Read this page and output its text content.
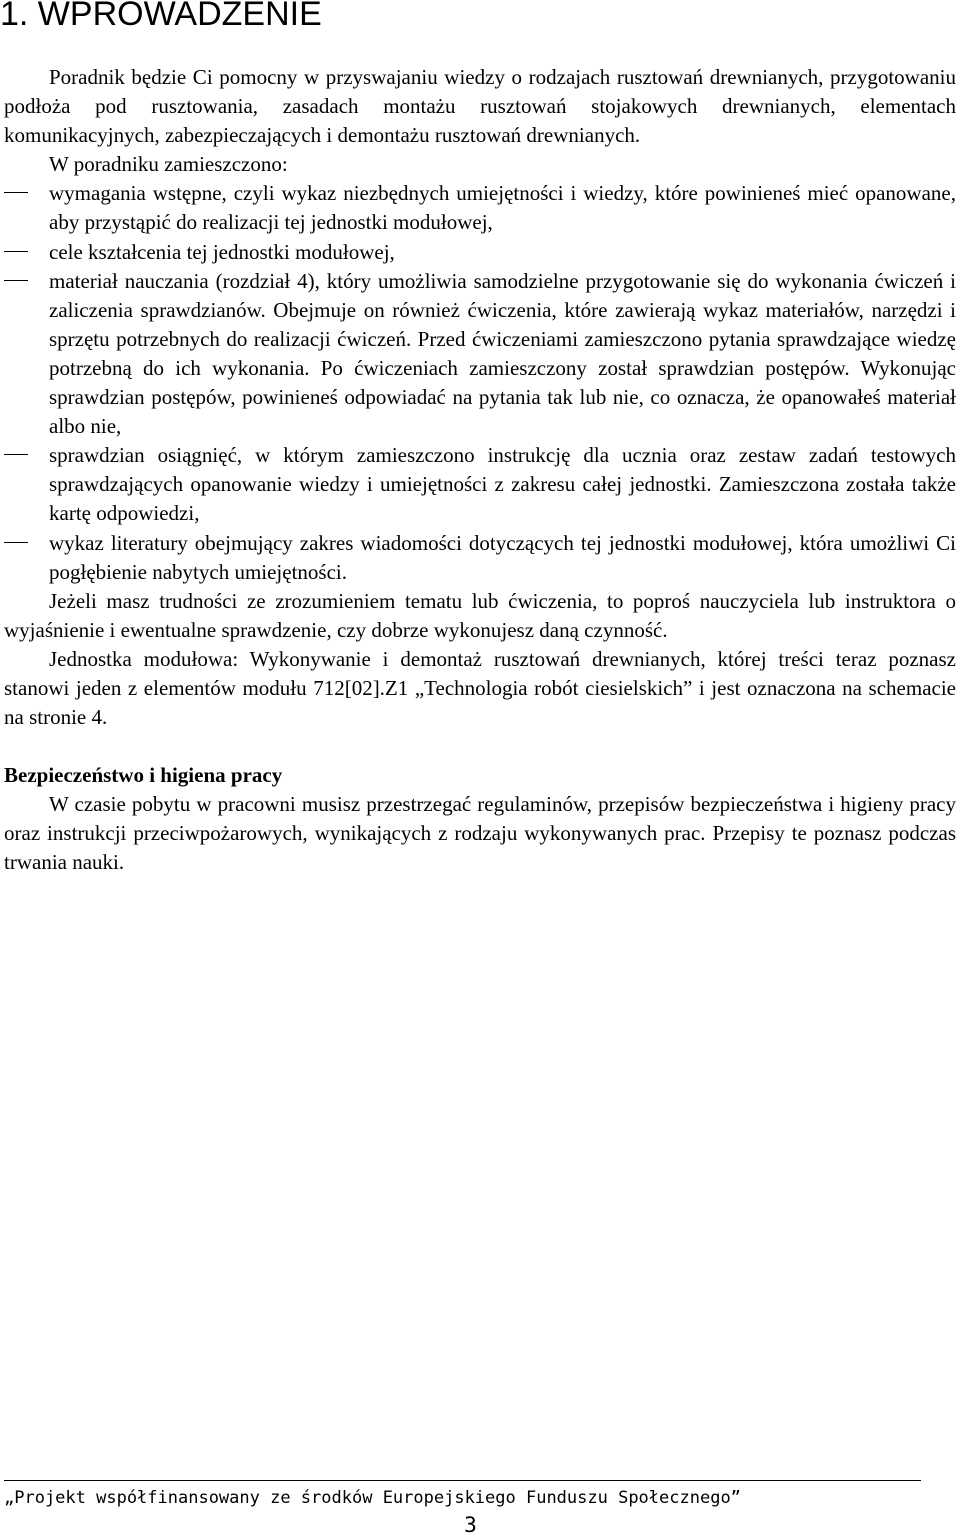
1. WPROWADZENIE

Poradnik będzie Ci pomocny w przyswajaniu wiedzy o rodzajach rusztowań drewnianych, przygotowaniu podłoża pod rusztowania, zasadach montażu rusztowań stojakowych drewnianych, elementach komunikacyjnych, zabezpieczających i demontażu rusztowań drewnianych.

W poradniku zamieszczono:

wymagania wstępne, czyli wykaz niezbędnych umiejętności i wiedzy, które powinieneś mieć opanowane, aby przystąpić do realizacji tej jednostki modułowej,
cele kształcenia tej jednostki modułowej,
materiał nauczania (rozdział 4), który umożliwia samodzielne przygotowanie się do wykonania ćwiczeń i zaliczenia sprawdzianów. Obejmuje on również ćwiczenia, które zawierają wykaz materiałów, narzędzi i sprzętu potrzebnych do realizacji ćwiczeń. Przed ćwiczeniami zamieszczono pytania sprawdzające wiedzę potrzebną do ich wykonania. Po ćwiczeniach zamieszczony został sprawdzian postępów. Wykonując sprawdzian postępów, powinieneś odpowiadać na pytania tak lub nie, co oznacza, że opanowałeś materiał albo nie,
sprawdzian osiągnięć, w którym zamieszczono instrukcję dla ucznia oraz zestaw zadań testowych sprawdzających opanowanie wiedzy i umiejętności z zakresu całej jednostki. Zamieszczona została także kartę odpowiedzi,
wykaz literatury obejmujący zakres wiadomości dotyczących tej jednostki modułowej, która umożliwi Ci pogłębienie nabytych umiejętności.

Jeżeli masz trudności ze zrozumieniem tematu lub ćwiczenia, to poproś nauczyciela lub instruktora o wyjaśnienie i ewentualne sprawdzenie, czy dobrze wykonujesz daną czynność.

Jednostka modułowa: Wykonywanie i demontaż rusztowań drewnianych, której treści teraz poznasz stanowi jeden z elementów modułu 712[02].Z1 „Technologia robót ciesielskich” i jest oznaczona na schemacie na stronie 4.

Bezpieczeństwo i higiena pracy

W czasie pobytu w pracowni musisz przestrzegać regulaminów, przepisów bezpieczeństwa i higieny pracy oraz instrukcji przeciwpożarowych, wynikających z rodzaju wykonywanych prac. Przepisy te poznasz podczas trwania nauki.

„Projekt współfinansowany ze środków Europejskiego Funduszu Społecznego”
3
